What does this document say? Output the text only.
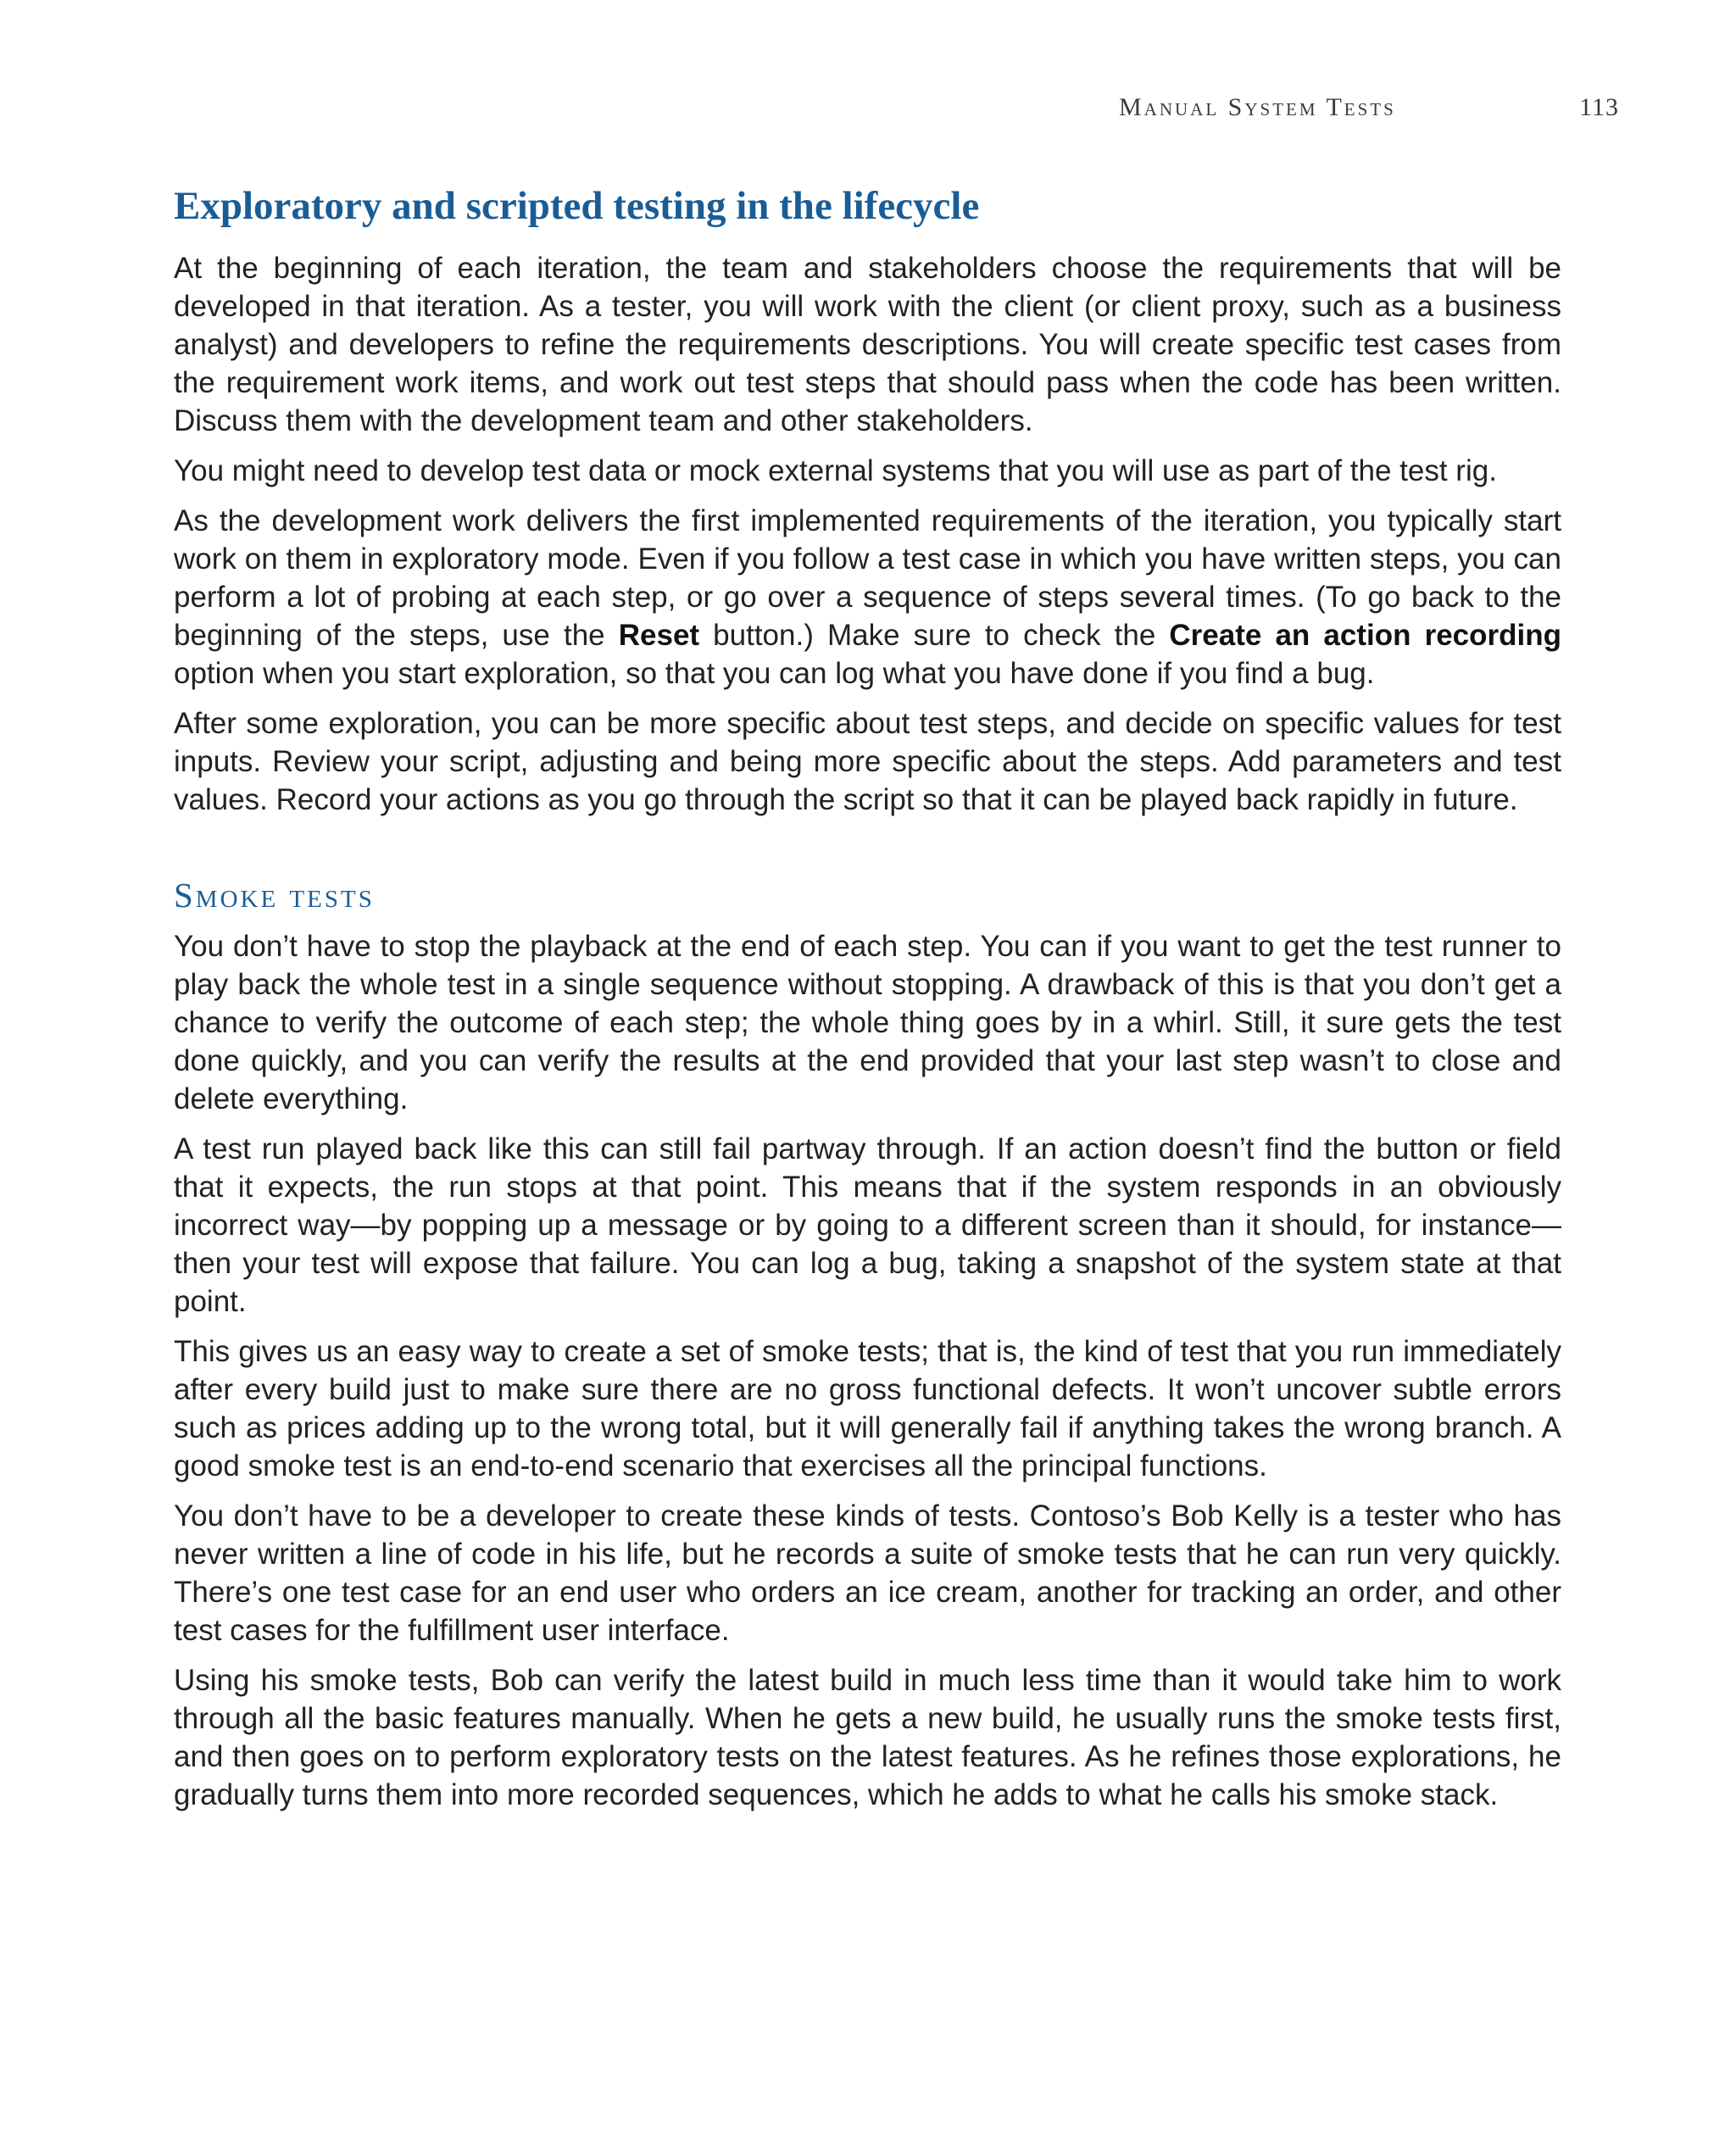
Manual System Tests	113
Exploratory and scripted testing in the lifecycle

At the beginning of each iteration, the team and stakeholders choose the requirements that will be developed in that iteration. As a tester, you will work with the client (or client proxy, such as a business analyst) and developers to refine the requirements descriptions. You will create specific test cases from the requirement work items, and work out test steps that should pass when the code has been written. Discuss them with the development team and other stakeholders.

You might need to develop test data or mock external systems that you will use as part of the test rig.

As the development work delivers the first implemented requirements of the iteration, you typically start work on them in exploratory mode. Even if you follow a test case in which you have written steps, you can perform a lot of probing at each step, or go over a sequence of steps several times. (To go back to the beginning of the steps, use the Reset button.) Make sure to check the Create an action recording option when you start exploration, so that you can log what you have done if you find a bug.

After some exploration, you can be more specific about test steps, and decide on specific values for test inputs. Review your script, adjusting and being more specific about the steps. Add parameters and test values. Record your actions as you go through the script so that it can be played back rapidly in future.

Smoke tests

You don’t have to stop the playback at the end of each step. You can if you want to get the test runner to play back the whole test in a single sequence without stopping. A drawback of this is that you don’t get a chance to verify the outcome of each step; the whole thing goes by in a whirl. Still, it sure gets the test done quickly, and you can verify the results at the end provided that your last step wasn’t to close and delete everything.

A test run played back like this can still fail partway through. If an action doesn’t find the button or field that it expects, the run stops at that point. This means that if the system responds in an obviously incorrect way—by popping up a message or by going to a different screen than it should, for instance—then your test will expose that failure. You can log a bug, taking a snapshot of the system state at that point.

This gives us an easy way to create a set of smoke tests; that is, the kind of test that you run immediately after every build just to make sure there are no gross functional defects. It won’t uncover subtle errors such as prices adding up to the wrong total, but it will generally fail if anything takes the wrong branch. A good smoke test is an end-to-end scenario that exercises all the principal functions.

You don’t have to be a developer to create these kinds of tests. Contoso’s Bob Kelly is a tester who has never written a line of code in his life, but he records a suite of smoke tests that he can run very quickly. There’s one test case for an end user who orders an ice cream, another for tracking an order, and other test cases for the fulfillment user interface.

Using his smoke tests, Bob can verify the latest build in much less time than it would take him to work through all the basic features manually. When he gets a new build, he usually runs the smoke tests first, and then goes on to perform exploratory tests on the latest features. As he refines those explorations, he gradually turns them into more recorded sequences, which he adds to what he calls his smoke stack.
